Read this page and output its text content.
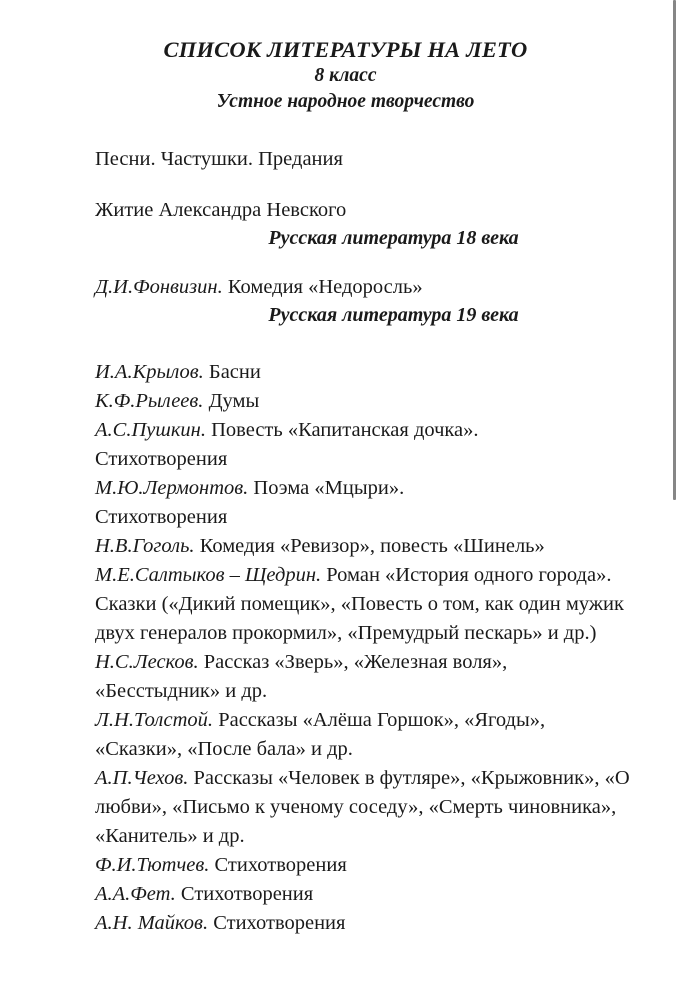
СПИСОК ЛИТЕРАТУРЫ НА ЛЕТО
8 класс
Устное народное творчество

Песни. Частушки. Предания

Житие Александра Невского

Русская литература 18 века

Д.И.Фонвизин. Комедия «Недоросль»

Русская литература 19 века

И.А.Крылов. Басни

К.Ф.Рылеев. Думы

А.С.Пушкин. Повесть «Капитанская дочка».

Стихотворения

М.Ю.Лермонтов. Поэма «Мцыри».

Стихотворения

Н.В.Гоголь. Комедия «Ревизор», повесть «Шинель»

М.Е.Салтыков – Щедрин. Роман «История одного города». Сказки («Дикий помещик», «Повесть о том, как один мужик двух генералов прокормил», «Премудрый пескарь» и др.)

Н.С.Лесков. Рассказ «Зверь», «Железная воля», «Бесстыдник» и др.

Л.Н.Толстой. Рассказы «Алёша Горшок», «Ягоды», «Сказки», «После бала» и др.

А.П.Чехов. Рассказы «Человек в футляре», «Крыжовник», «О любви», «Письмо к ученому соседу», «Смерть чиновника», «Канитель» и др.

Ф.И.Тютчев. Стихотворения

А.А.Фет. Стихотворения

А.Н. Майков. Стихотворения
